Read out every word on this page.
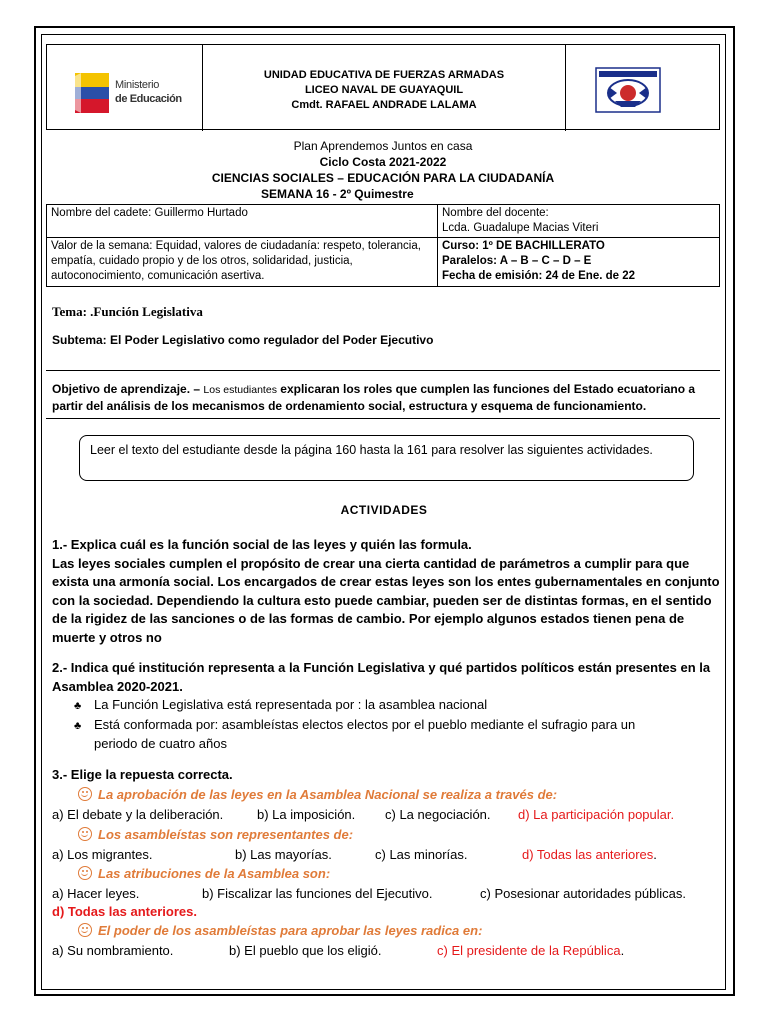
Ministerio
de Educación
UNIDAD EDUCATIVA DE FUERZAS ARMADAS
LICEO NAVAL DE GUAYAQUIL
Cmdt. RAFAEL ANDRADE LALAMA
Plan Aprendemos Juntos en casa
Ciclo Costa 2021-2022
CIENCIAS SOCIALES – EDUCACIÓN PARA LA CIUDADANÍA
SEMANA 16 - 2º Quimestre
Nombre del cadete: Guillermo Hurtado	Nombre del docente:
Lcda. Guadalupe Macias Viteri

Valor de la semana: Equidad, valores de ciudadanía: respeto, tolerancia, empatía, cuidado propio y de los otros, solidaridad, justicia, autoconocimiento, comunicación asertiva.	Curso: 1º DE BACHILLERATO
Paralelos: A – B – C – D – E
Fecha de emisión: 24 de Ene. de 22
Tema: .Función Legislativa
Subtema: El Poder Legislativo como regulador del Poder Ejecutivo
Objetivo de aprendizaje. – Los estudiantes explicaran los roles que cumplen las funciones del Estado ecuatoriano a partir del análisis de los mecanismos de ordenamiento social, estructura y esquema de funcionamiento.
Leer el texto del estudiante desde la página 160 hasta la 161 para resolver las siguientes actividades.
ACTIVIDADES
1.- Explica cuál es la función social de las leyes y quién las formula.
Las leyes sociales cumplen el propósito de crear una cierta cantidad de parámetros a cumplir para que exista una armonía social. Los encargados de crear estas leyes son los entes gubernamentales en conjunto con la sociedad. Dependiendo la cultura esto puede cambiar, pueden ser de distintas formas, en el sentido de la rigidez de las sanciones o de las formas de cambio. Por ejemplo algunos estados tienen pena de muerte y otros no
2.- Indica qué institución representa a la Función Legislativa y qué partidos políticos están presentes en la Asamblea 2020-2021.
♣ La Función Legislativa está representada por : la asamblea nacional
♣ Está conformada por: asambleístas electos electos por el pueblo mediante el sufragio para un
periodo de cuatro años
3.- Elige la repuesta correcta.
La aprobación de las leyes en la Asamblea Nacional se realiza a través de:
a) El debate y la deliberación.	b) La imposición. c) La negociación. d) La participación popular.
Los asambleístas son representantes de:
a) Los migrantes.	b) Las mayorías.	c) Las minorías.	d) Todas las anteriores.
Las atribuciones de la Asamblea son:
a) Hacer leyes.	b) Fiscalizar las funciones del Ejecutivo.	c) Posesionar autoridades públicas.
d) Todas las anteriores.
El poder de los asambleístas para aprobar las leyes radica en:
a) Su nombramiento.	b) El pueblo que los eligió.	c) El presidente de la República.
